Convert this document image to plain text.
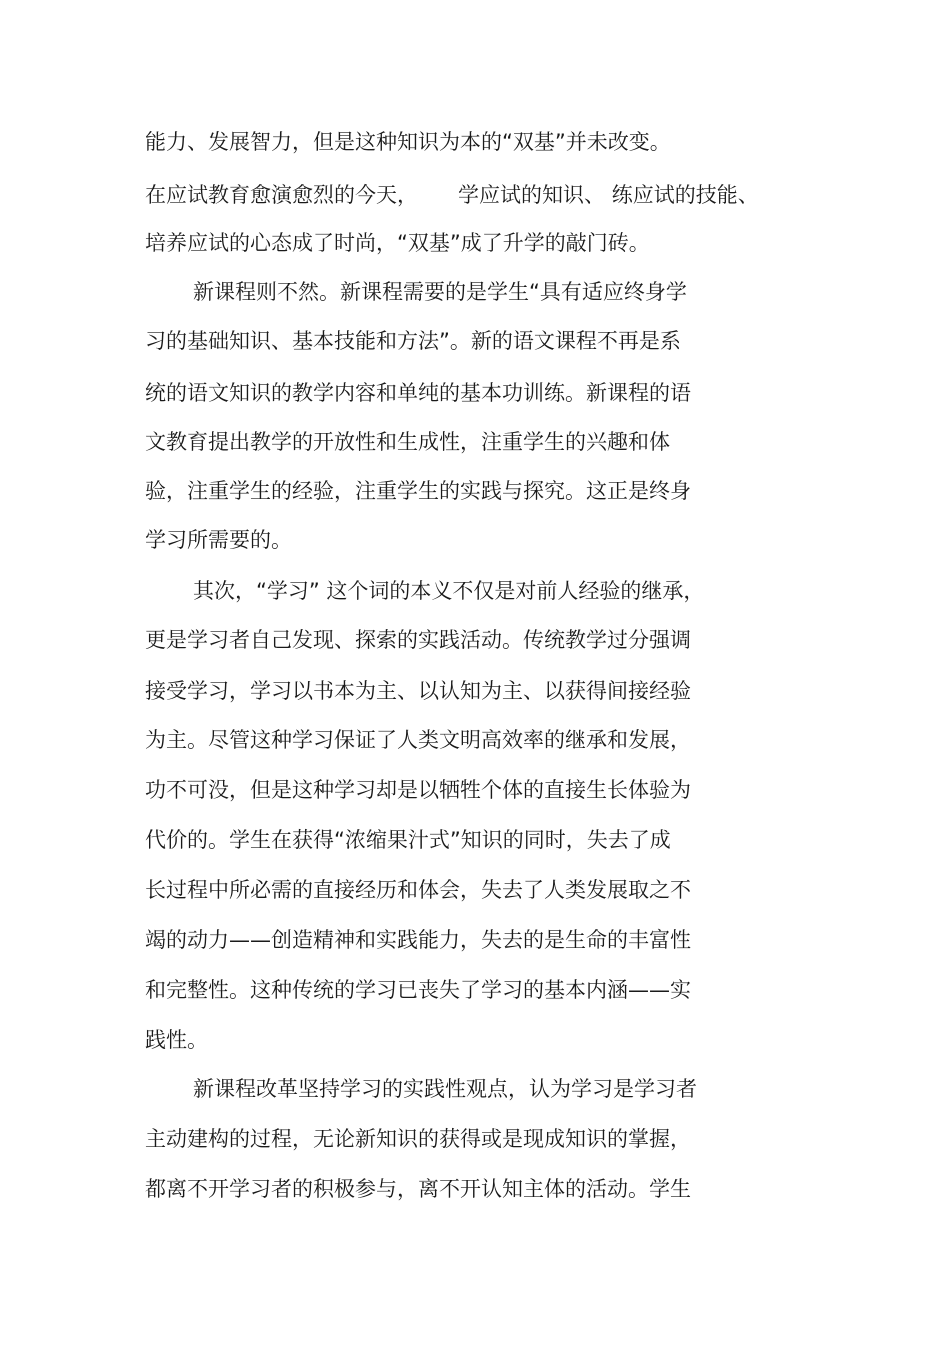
能力、发展智力，但是这种知识为本的“双基”并未改变。
在应试教育愈演愈烈的今天，      学应试的知识、 练应试的技能、
培养应试的心态成了时尚，“双基”成了升学的敲门砖。
新课程则不然。新课程需要的是学生“具有适应终身学
习的基础知识、基本技能和方法”。新的语文课程不再是系
统的语文知识的教学内容和单纯的基本功训练。新课程的语
文教育提出教学的开放性和生成性，注重学生的兴趣和体
验，注重学生的经验，注重学生的实践与探究。这正是终身
学习所需要的。
其次，“学习” 这个词的本义不仅是对前人经验的继承，
更是学习者自己发现、探索的实践活动。传统教学过分强调
接受学习，学习以书本为主、以认知为主、以获得间接经验
为主。尽管这种学习保证了人类文明高效率的继承和发展，
功不可没，但是这种学习却是以牺牲个体的直接生长体验为
代价的。学生在获得“浓缩果汁式”知识的同时，失去了成
长过程中所必需的直接经历和体会，失去了人类发展取之不
竭的动力——创造精神和实践能力，失去的是生命的丰富性
和完整性。这种传统的学习已丧失了学习的基本内涵——实
践性。
新课程改革坚持学习的实践性观点，认为学习是学习者
主动建构的过程，无论新知识的获得或是现成知识的掌握，
都离不开学习者的积极参与，离不开认知主体的活动。学生
